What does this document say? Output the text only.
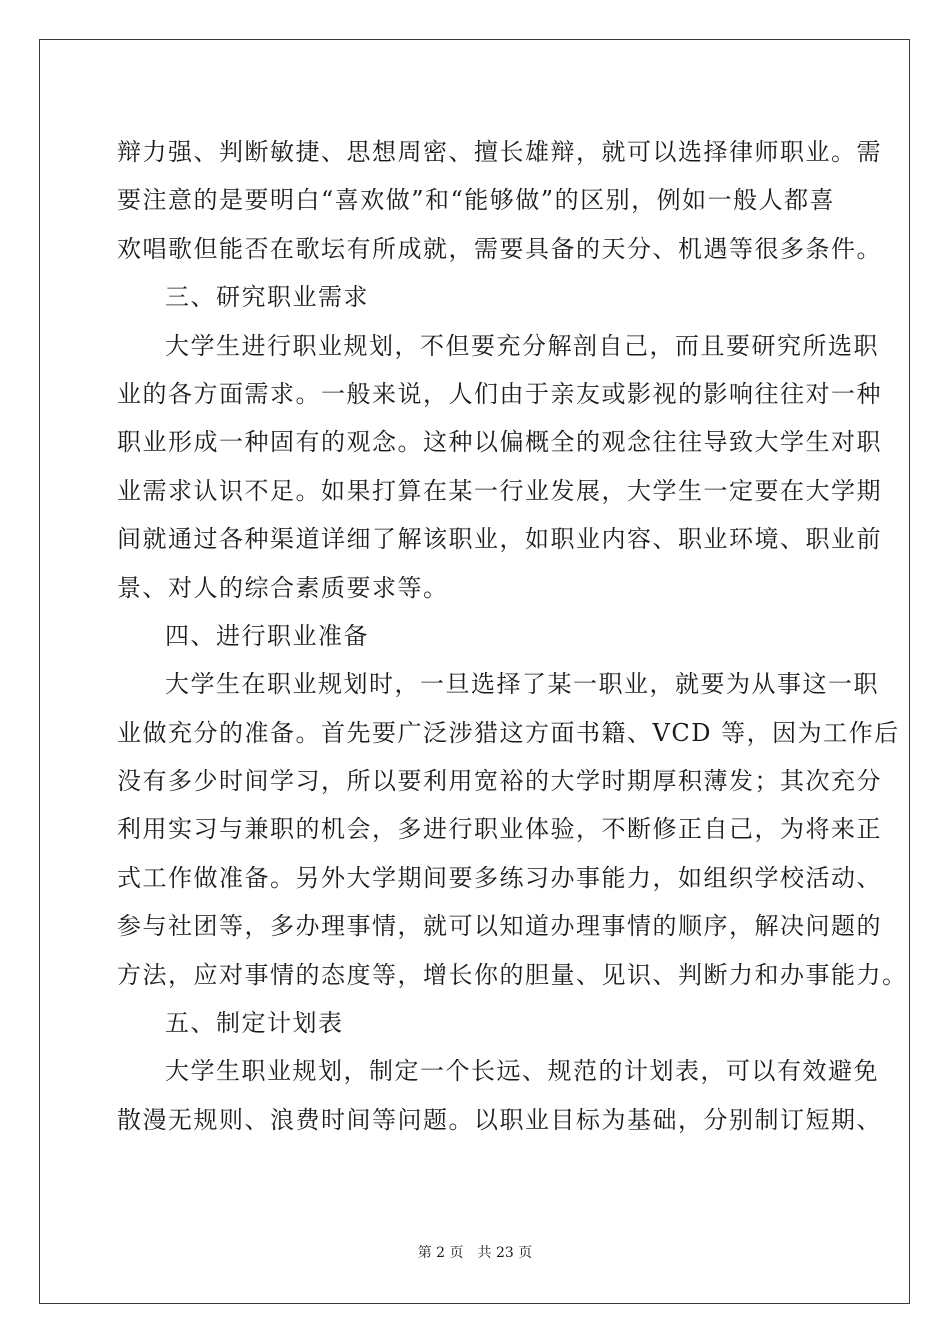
辩力强、判断敏捷、思想周密、擅长雄辩，就可以选择律师职业。需
要注意的是要明白“喜欢做”和“能够做”的区别，例如一般人都喜
欢唱歌但能否在歌坛有所成就，需要具备的天分、机遇等很多条件。
三、研究职业需求
大学生进行职业规划，不但要充分解剖自己，而且要研究所选职
业的各方面需求。一般来说，人们由于亲友或影视的影响往往对一种
职业形成一种固有的观念。这种以偏概全的观念往往导致大学生对职
业需求认识不足。如果打算在某一行业发展，大学生一定要在大学期
间就通过各种渠道详细了解该职业，如职业内容、职业环境、职业前
景、对人的综合素质要求等。
四、进行职业准备
大学生在职业规划时，一旦选择了某一职业，就要为从事这一职
业做充分的准备。首先要广泛涉猎这方面书籍、VCD 等，因为工作后
没有多少时间学习，所以要利用宽裕的大学时期厚积薄发；其次充分
利用实习与兼职的机会，多进行职业体验，不断修正自己，为将来正
式工作做准备。另外大学期间要多练习办事能力，如组织学校活动、
参与社团等，多办理事情，就可以知道办理事情的顺序，解决问题的
方法，应对事情的态度等，增长你的胆量、见识、判断力和办事能力。
五、制定计划表
大学生职业规划，制定一个长远、规范的计划表，可以有效避免
散漫无规则、浪费时间等问题。以职业目标为基础，分别制订短期、
第 2 页 共 23 页
